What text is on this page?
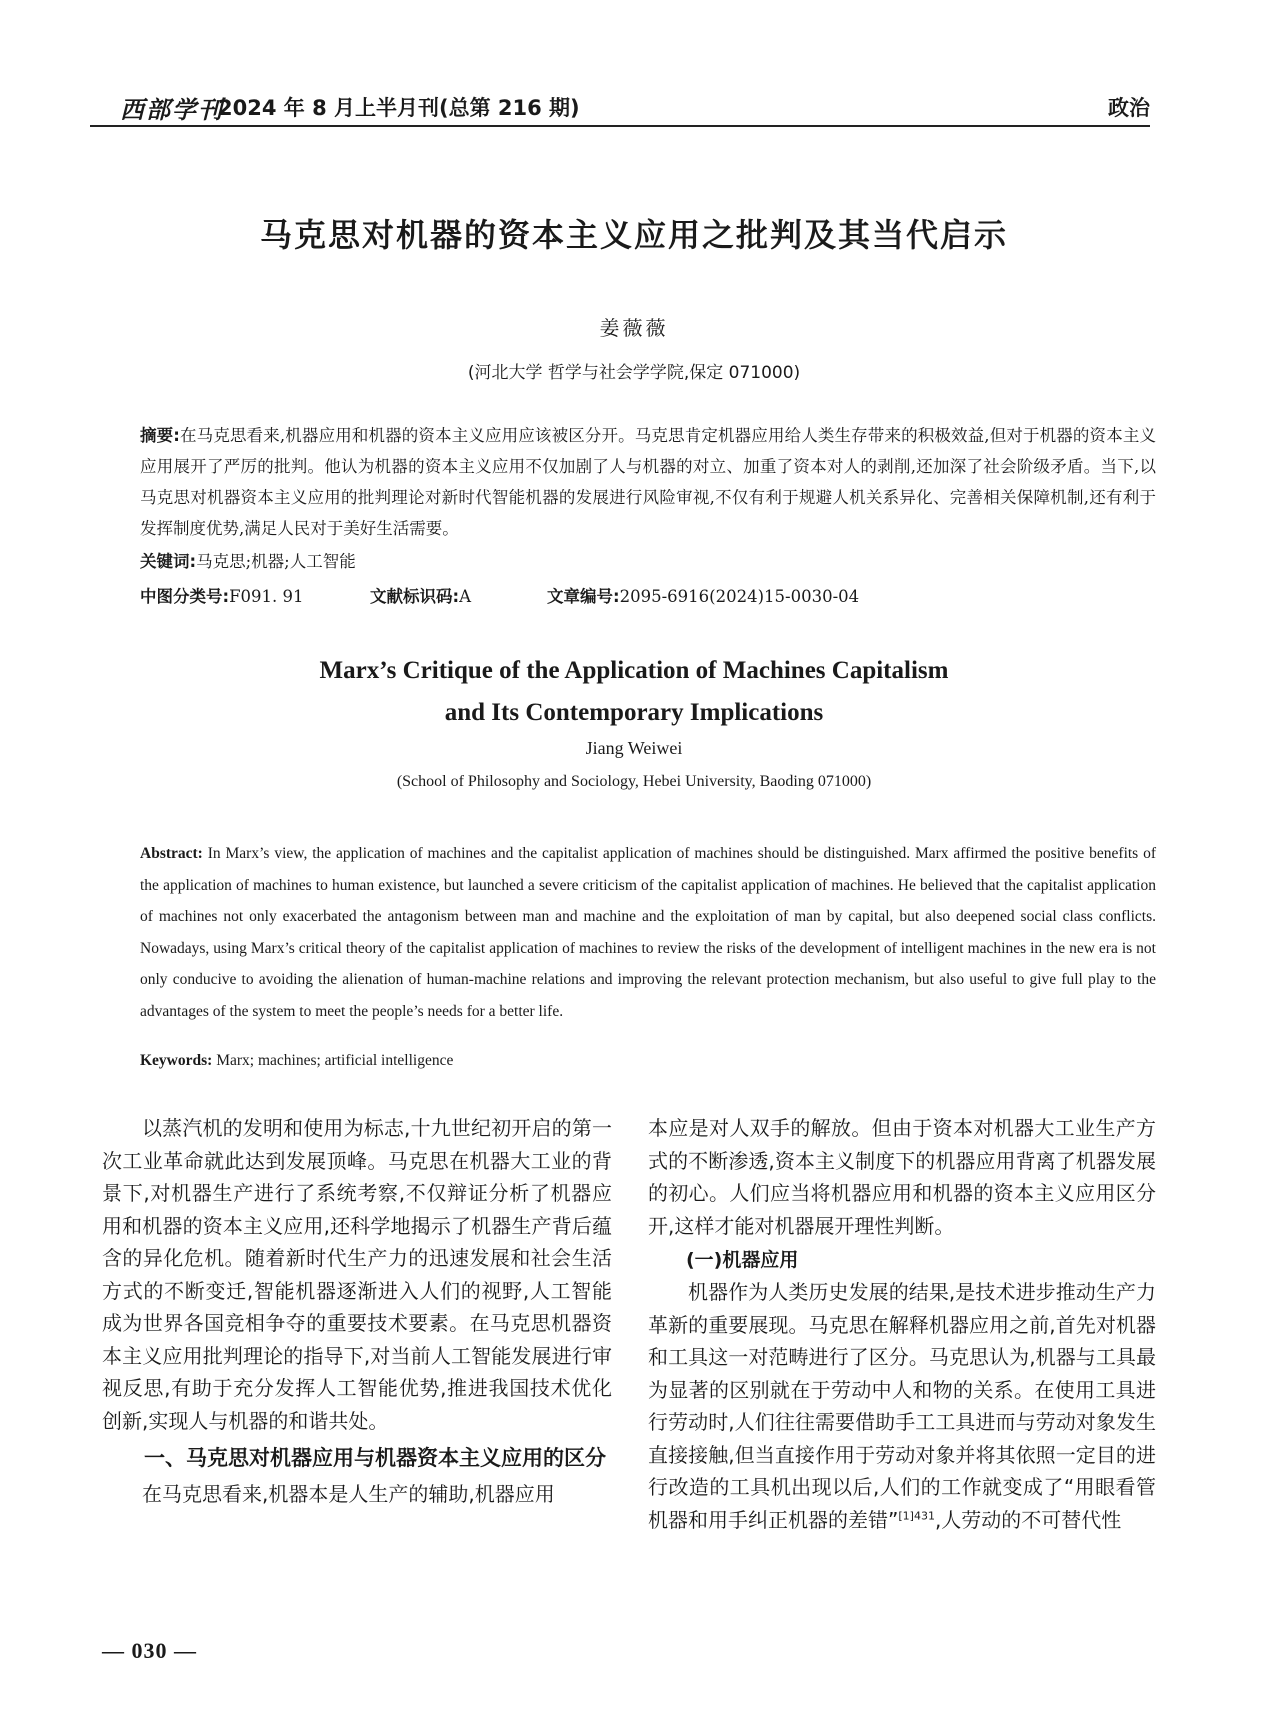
西部学刊
2024 年 8 月上半月刊(总第 216 期)	政治
马克思对机器的资本主义应用之批判及其当代启示
姜薇薇
(河北大学 哲学与社会学学院,保定 071000)
摘要:在马克思看来,机器应用和机器的资本主义应用应该被区分开。马克思肯定机器应用给人类生存带来的积极效益,但对于机器的资本主义应用展开了严厉的批判。他认为机器的资本主义应用不仅加剧了人与机器的对立、加重了资本对人的剥削,还加深了社会阶级矛盾。当下,以马克思对机器资本主义应用的批判理论对新时代智能机器的发展进行风险审视,不仅有利于规避人机关系异化、完善相关保障机制,还有利于发挥制度优势,满足人民对于美好生活需要。
关键词:马克思;机器;人工智能
中图分类号:F091. 91	文献标识码:A	文章编号:2095-6916(2024)15-0030-04
Marx’s Critique of the Application of Machines Capitalism
and Its Contemporary Implications
Jiang Weiwei
(School of Philosophy and Sociology, Hebei University, Baoding 071000)
Abstract: In Marx’s view, the application of machines and the capitalist application of machines should be distinguished. Marx affirmed the positive benefits of the application of machines to human existence, but launched a severe criticism of the capitalist application of machines. He believed that the capitalist application of machines not only exacerbated the antagonism between man and machine and the exploitation of man by capital, but also deepened social class conflicts. Nowadays, using Marx’s critical theory of the capitalist application of machines to review the risks of the development of intelligent machines in the new era is not only conducive to avoiding the alienation of human-machine relations and improving the relevant protection mechanism, but also useful to give full play to the advantages of the system to meet the people’s needs for a better life.
Keywords: Marx; machines; artificial intelligence

以蒸汽机的发明和使用为标志,十九世纪初开启的第一次工业革命就此达到发展顶峰。马克思在机器大工业的背景下,对机器生产进行了系统考察,不仅辩证分析了机器应用和机器的资本主义应用,还科学地揭示了机器生产背后蕴含的异化危机。随着新时代生产力的迅速发展和社会生活方式的不断变迁,智能机器逐渐进入人们的视野,人工智能成为世界各国竞相争夺的重要技术要素。在马克思机器资本主义应用批判理论的指导下,对当前人工智能发展进行审视反思,有助于充分发挥人工智能优势,推进我国技术优化创新,实现人与机器的和谐共处。

一、马克思对机器应用与机器资本主义应用的区分

在马克思看来,机器本是人生产的辅助,机器应用

本应是对人双手的解放。但由于资本对机器大工业生产方式的不断渗透,资本主义制度下的机器应用背离了机器发展的初心。人们应当将机器应用和机器的资本主义应用区分开,这样才能对机器展开理性判断。

(一)机器应用

机器作为人类历史发展的结果,是技术进步推动生产力革新的重要展现。马克思在解释机器应用之前,首先对机器和工具这一对范畴进行了区分。马克思认为,机器与工具最为显著的区别就在于劳动中人和物的关系。在使用工具进行劳动时,人们往往需要借助手工工具进而与劳动对象发生直接接触,但当直接作用于劳动对象并将其依照一定目的进行改造的工具机出现以后,人们的工作就变成了“用眼看管机器和用手纠正机器的差错”$^{[1]431}$,人劳动的不可替代性

— 030 —
